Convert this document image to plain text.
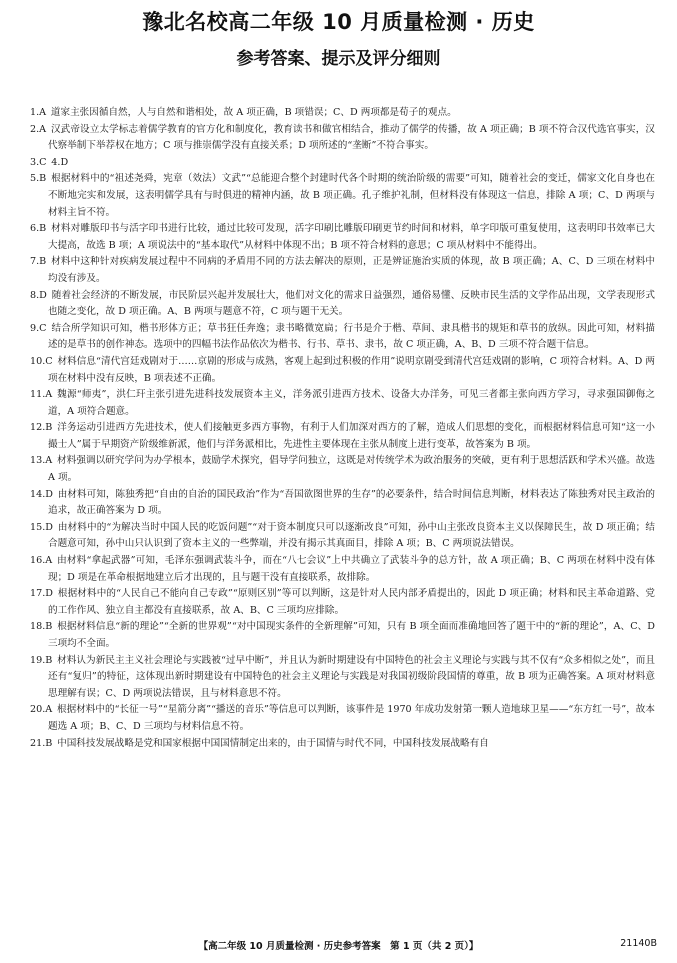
豫北名校高二年级 10 月质量检测 · 历史
参考答案、提示及评分细则

1.A  道家主张因循自然，人与自然和谐相处，故 A 项正确，B 项错误；C、D 两项都是荀子的观点。

2.A  汉武帝设立太学标志着儒学教育的官方化和制度化，教育读书和做官相结合，推动了儒学的传播，故 A 项正确；B 项不符合汉代选官事实，汉代察举制下举荐权在地方；C 项与推崇儒学没有直接关系；D 项所述的“垄断”不符合事实。

3.C  4.D

5.B  根据材料中的“祖述尧舜，宪章（效法）文武”“总能迎合整个封建时代各个时期的统治阶级的需要”可知，随着社会的变迁，儒家文化自身也在不断地完实和发展，这表明儒学具有与时俱进的精神内涵，故 B 项正确。孔子维护礼制，但材料没有体现这一信息，排除 A 项；C、D 两项与材料主旨不符。

6.B  材料对雕版印书与活字印书进行比较，通过比较可发现，活字印刷比雕版印刷更节约时间和材料，单字印版可重复使用，这表明印书效率已大大提高，故选 B 项；A 项说法中的“基本取代”从材料中体现不出；B 项不符合材料的意思；C 项从材料中不能得出。

7.B  材料中这种针对疾病发展过程中不同病的矛盾用不同的方法去解决的原则，正是辨证施治实质的体现，故 B 项正确；A、C、D 三项在材料中均没有涉及。

8.D  随着社会经济的不断发展，市民阶层兴起并发展壮大，他们对文化的需求日益强烈，通俗易懂、反映市民生活的文学作品出现，文学表现形式也随之变化，故 D 项正确。A、B 两项与题意不符，C 项与题干无关。

9.C  结合所学知识可知，楷书形体方正；草书狂任奔逸；隶书略微宽扁；行书是介于楷、草间、隶具楷书的规矩和草书的放纵。因此可知，材料描述的是草书的创作神态。选项中的四幅书法作品依次为楷书、行书、草书、隶书，故 C 项正确，A、B、D 三项不符合题干信息。

10.C  材料信息“清代宫廷戏剧对于……京剧的形成与成熟，客观上起到过积极的作用”说明京剧受到清代宫廷戏剧的影响，C 项符合材料。A、D 两项在材料中没有反映，B 项表述不正确。

11.A  魏源“师夷”，洪仁玕主张引进先进科技发展资本主义，洋务派引进西方技术、设备大办洋务，可见三者都主张向西方学习，寻求强国御侮之道，A 项符合题意。

12.B  洋务运动引进西方先进技术，使人们接触更多西方事物，有利于人们加深对西方的了解，造成人们思想的变化，而根据材料信息可知“这一小撮士人”属于早期资产阶级维新派，他们与洋务派相比，先进性主要体现在主张从制度上进行变革，故答案为 B 项。

13.A  材料强调以研究学问为办学根本，鼓励学术探究，倡导学问独立，这既是对传统学术为政治服务的突破，更有利于思想活跃和学术兴盛。故选 A 项。

14.D  由材料可知，陈独秀把“自由的自治的国民政治”作为“吾国欲图世界的生存”的必要条件，结合时间信息判断，材料表达了陈独秀对民主政治的追求，故正确答案为 D 项。

15.D  由材料中的“为解决当时中国人民的吃饭问题”“对于资本制度只可以逐渐改良”可知，孙中山主张改良资本主义以保障民生，故 D 项正确；结合题意可知，孙中山只认识到了资本主义的一些弊端，并没有揭示其真面目，排除 A 项；B、C 两项说法错误。

16.A  由材料“拿起武器”可知，毛泽东强调武装斗争，而在“八七会议”上中共确立了武装斗争的总方针，故 A 项正确；B、C 两项在材料中没有体现；D 项是在革命根据地建立后才出现的，且与题干没有直接联系，故排除。

17.D  根据材料中的“人民自己不能向自己专政”“原则区别”等可以判断，这是针对人民内部矛盾提出的，因此 D 项正确；材料和民主革命道路、党的工作作风、独立自主都没有直接联系，故 A、B、C 三项均应排除。

18.B  根据材料信息“新的理论”“全新的世界观”“对中国现实条件的全新理解”可知，只有 B 项全面而准确地回答了题干中的“新的理论”，A、C、D 三项均不全面。

19.B  材料认为新民主主义社会理论与实践被“过早中断”，并且认为新时期建设有中国特色的社会主义理论与实践与其不仅有“众多相似之处”，而且还有“复归”的特征，这体现出新时期建设有中国特色的社会主义理论与实践是对我国初级阶段国情的尊重，故 B 项为正确答案。A 项对材料意思理解有误；C、D 两项说法错误，且与材料意思不符。

20.A  根据材料中的“长征一号”“星箭分离”“播送的音乐”等信息可以判断，该事件是 1970 年成功发射第一颗人造地球卫星——“东方红一号”，故本题选 A 项；B、C、D 三项均与材料信息不符。

21.B  中国科技发展战略是党和国家根据中国国情制定出来的，由于国情与时代不同，中国科技发展战略有自

【高二年级 10 月质量检测 · 历史参考答案　第 1 页（共 2 页）】	21140B
